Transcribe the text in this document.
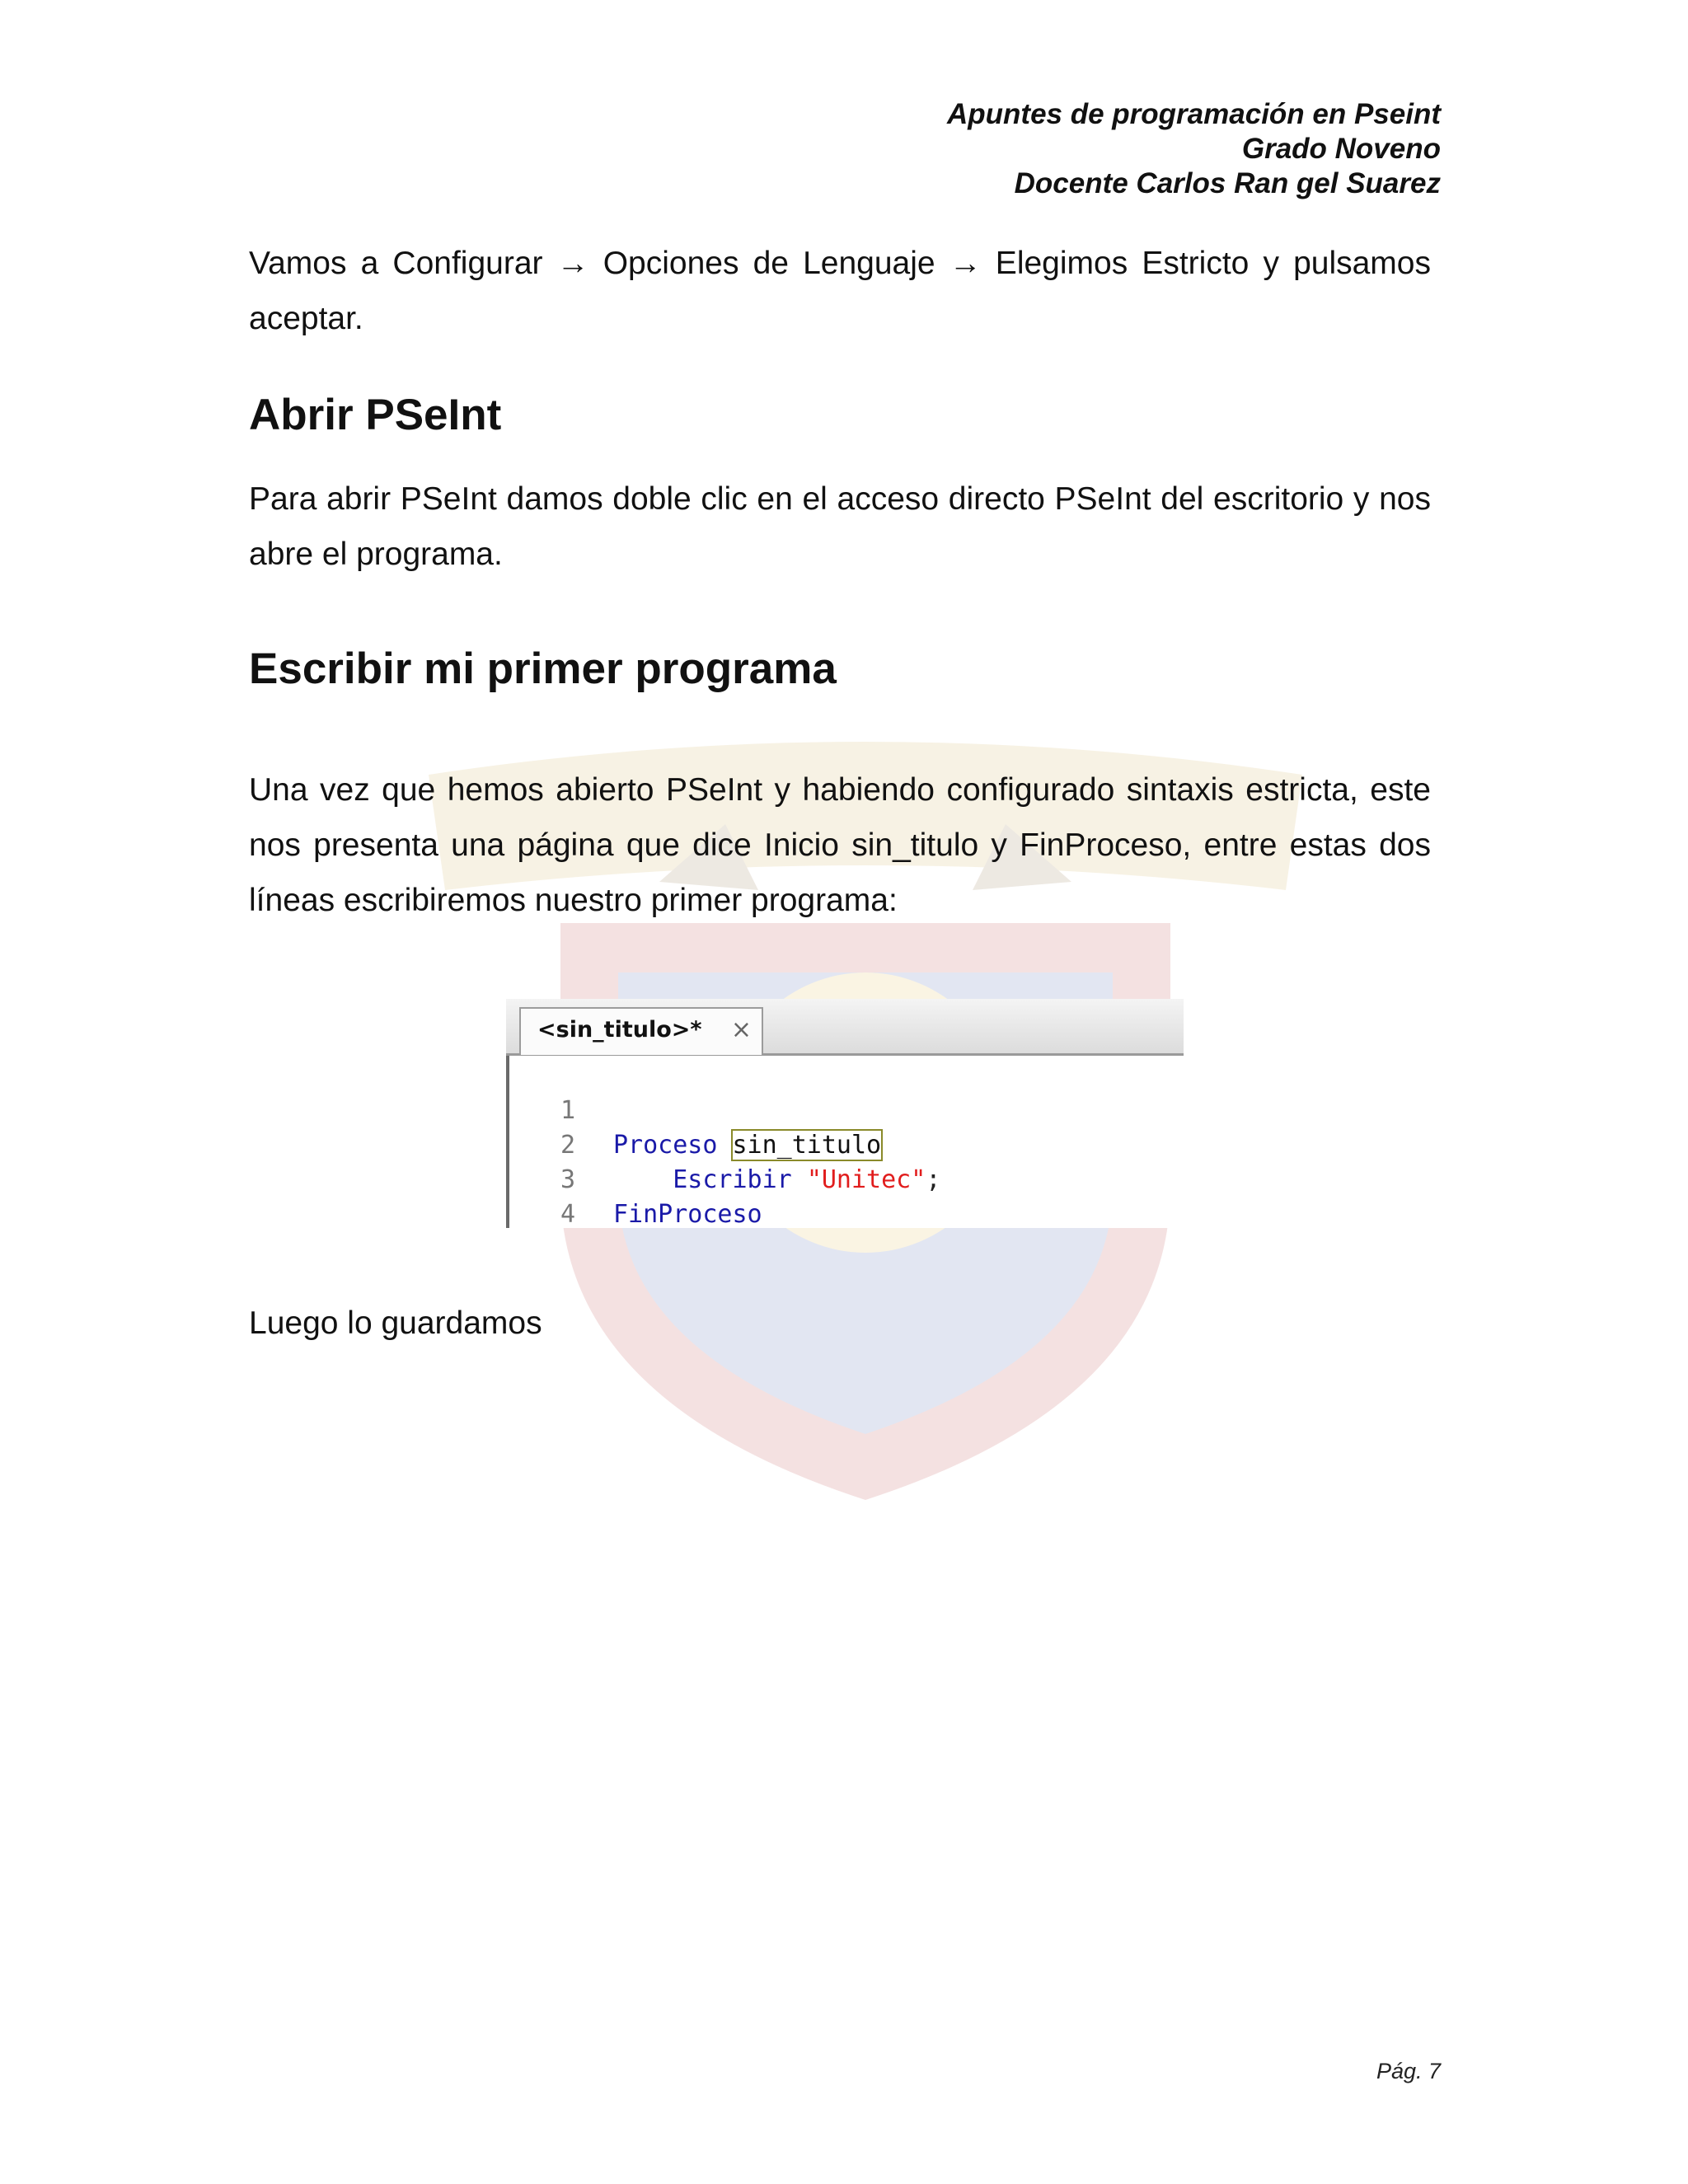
Apuntes de programación en Pseint
Grado Noveno
Docente Carlos Ran gel Suarez
Vamos a Configurar → Opciones de Lenguaje → Elegimos Estricto y pulsamos aceptar.
Abrir PSeInt
Para abrir PSeInt damos doble clic en el acceso directo PSeInt del escritorio y nos abre el programa.
Escribir mi primer programa
Una vez que hemos abierto PSeInt y habiendo configurado sintaxis estricta, este nos presenta una página que dice Inicio sin_titulo y FinProceso, entre estas dos líneas escribiremos nuestro primer programa:
<sin_titulo>* ×

1

Proceso sin_titulo

2

Escribir "Unitec";

3

FinProceso

4

Luego lo guardamos
Pág. 7
